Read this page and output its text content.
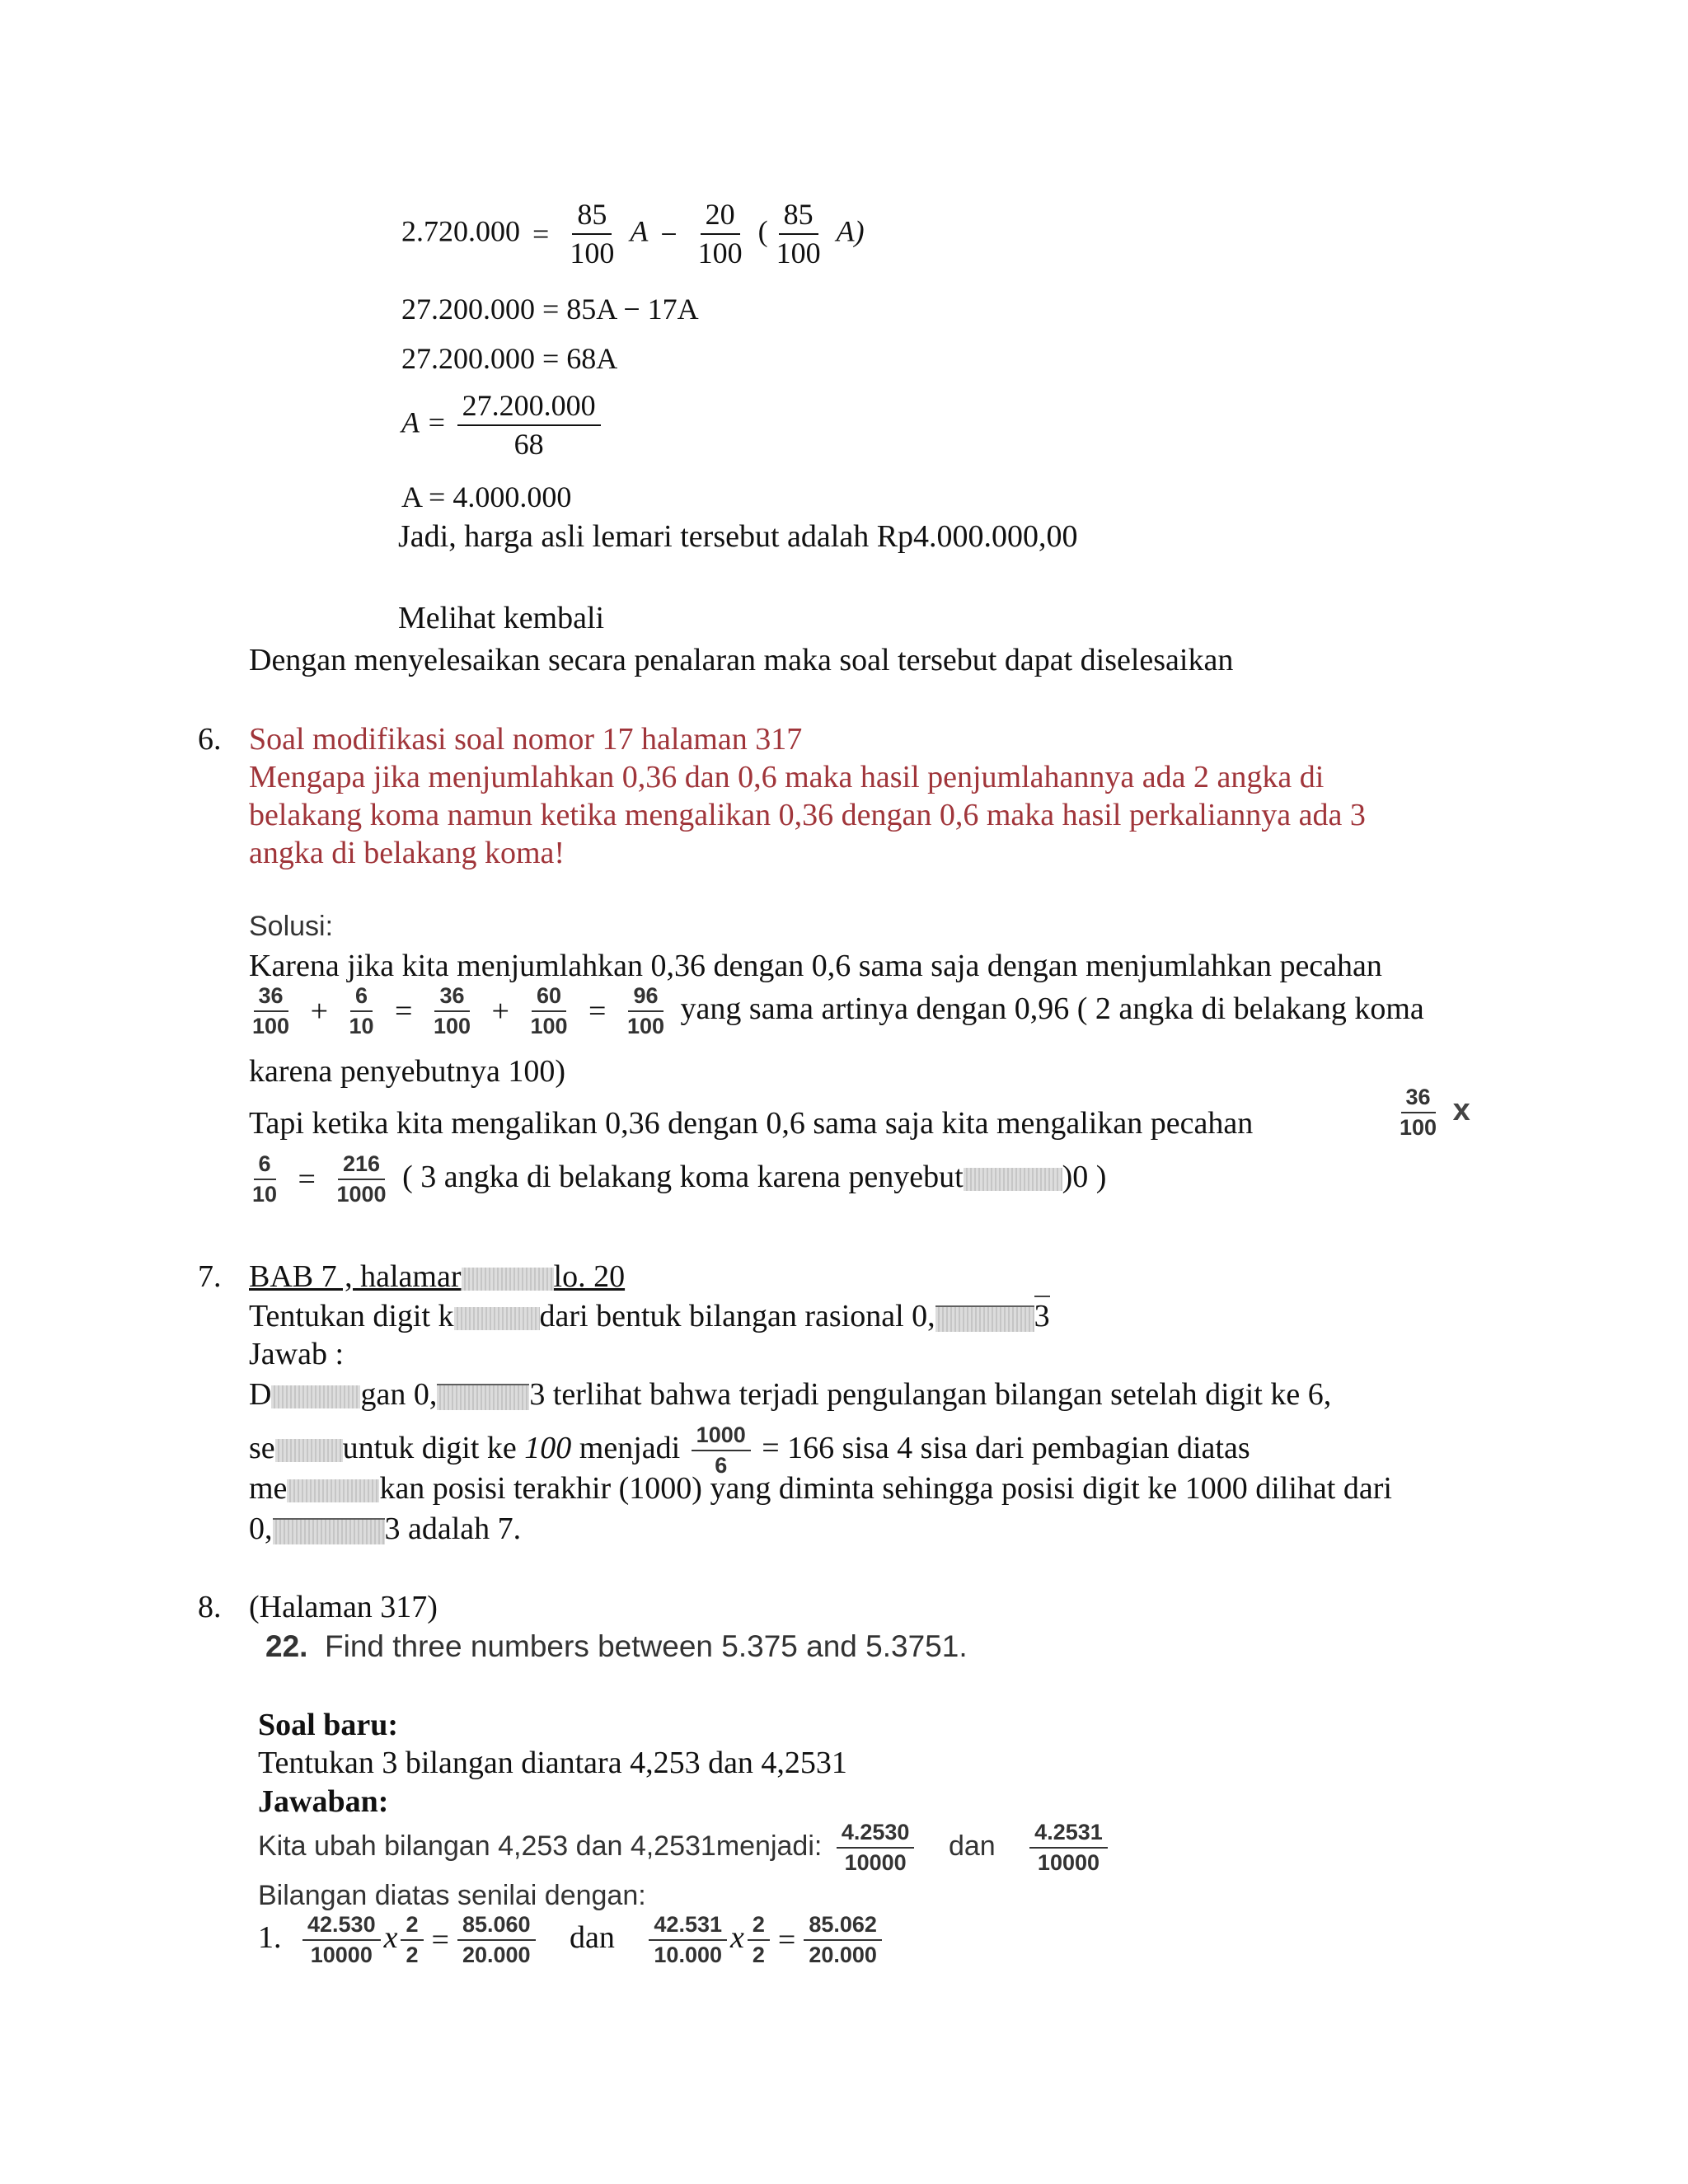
$2.720.000 = \frac{85}{100}$ $A - \frac{20}{100}$ ( $\frac{85}{100} A$)
27.200.000 = 85A − 17A
27.200.000 = 68A
$A = \frac{27.200.000}{68}$
A = 4.000.000
Jadi, harga asli lemari tersebut adalah Rp4.000.000,00
Melihat kembali
Dengan menyelesaikan secara penalaran maka soal tersebut dapat diselesaikan
6. Soal modifikasi soal nomor 17 halaman 317
Mengapa jika menjumlahkan 0,36 dan 0,6 maka hasil penjumlahannya ada 2 angka di
belakang koma namun ketika mengalikan 0,36 dengan 0,6 maka hasil perkaliannya ada 3
angka di belakang koma!
Solusi:
Karena jika kita menjumlahkan 0,36 dengan 0,6 sama saja dengan menjumlahkan pecahan
$\frac{36}{100} + \frac{6}{10} = \frac{36}{100} + \frac{60}{100} = \frac{96}{100}$ yang sama artinya dengan 0,96 ( 2 angka di belakang koma
karena penyebutnya 100)
Tapi ketika kita mengalikan 0,36 dengan 0,6 sama saja kita mengalikan pecahan	$\frac{36}{100}$ x
$\frac{6}{10} = \frac{216}{1000}$ ( 3 angka di belakang koma karena penyebut	)0 )
7. BAB 7 , halamar	lo. 20
Tentukan digit k	dari bentuk bilangan rasional 0,	3
Jawab :
D	gan 0,	3 terlihat bahwa terjadi pengulangan bilangan setelah digit ke 6,
se untuk digit ke 100 menjadi $\frac{1000}{6} = 166$ sisa 4 sisa dari pembagian diatas
me	kan posisi terakhir (1000) yang diminta sehingga posisi digit ke 1000 dilihat dari
0,	3 adalah 7.
8. (Halaman 317)
22. Find three numbers between 5.375 and 5.3751.
Soal baru:
Tentukan 3 bilangan diantara 4,253 dan 4,2531
Jawaban:
Kita ubah bilangan 4,253 dan 4,2531menjadi: $\frac{4.2530}{10000}$ dan $\frac{4.2531}{10000}$
Bilangan diatas senilai dengan:
1. $\frac{42.530}{10000}$ x $\frac{2}{2} = \frac{85.060}{20.000}$ dan $\frac{42.531}{10.000}$ x $\frac{2}{2} = \frac{85.062}{20.000}$
